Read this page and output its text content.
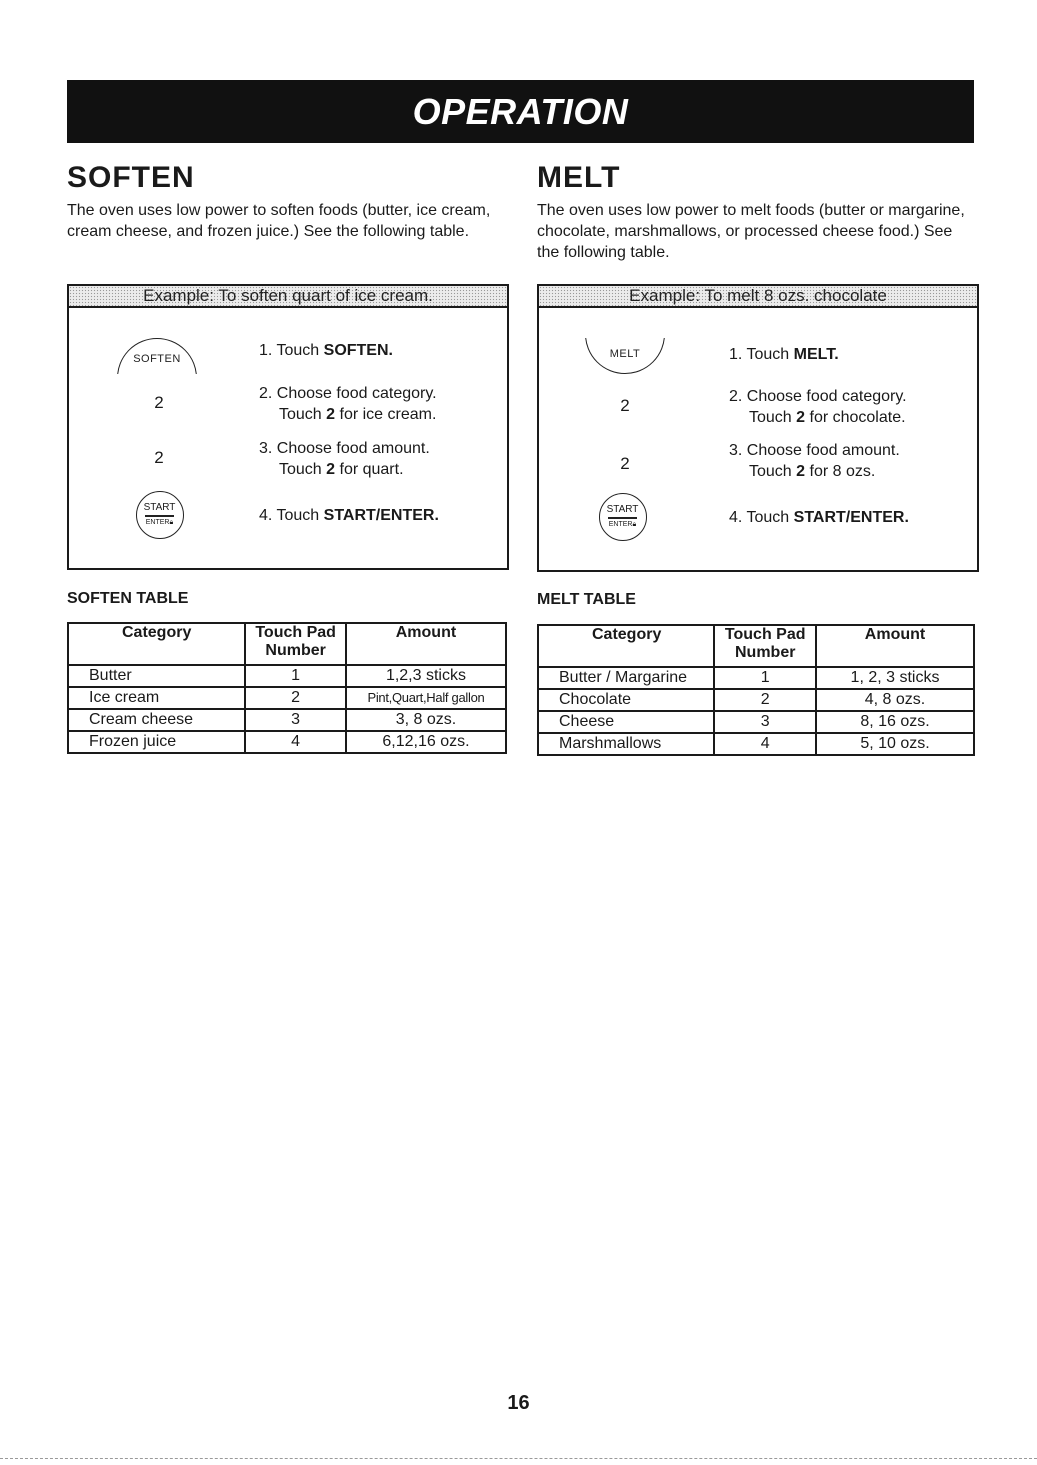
OPERATION
SOFTEN

The oven uses low power to soften foods (butter, ice cream, cream cheese, and frozen juice.) See the following table.

Example: To soften quart of ice cream.
SOFTEN	1. Touch SOFTEN.
2	2. Choose food category.
Touch 2 for ice cream.
2	3. Choose food amount.
Touch 2 for quart.
START
ENTER🔒︎	4. Touch START/ENTER.
SOFTEN TABLE
Category	Touch Pad Number	Amount
Butter	1	1,2,3 sticks
Ice cream	2	Pint,Quart,Half gallon
Cream cheese	3	3, 8 ozs.
Frozen juice	4	6,12,16 ozs.
MELT

The oven uses low power to melt foods (butter or margarine, chocolate, marshmallows, or processed cheese food.) See the following table.

Example: To melt 8 ozs. chocolate
MELT	1. Touch MELT.
2	2. Choose food category.
Touch 2 for chocolate.
2
3. Choose food amount.
Touch 2 for 8 ozs.
START
ENTER🔒︎	4. Touch START/ENTER.
MELT TABLE
Category	Touch Pad Number	Amount
Butter / Margarine	1	1, 2, 3 sticks
Chocolate	2	4, 8 ozs.
Cheese	3	8, 16 ozs.
Marshmallows	4	5, 10 ozs.
16
